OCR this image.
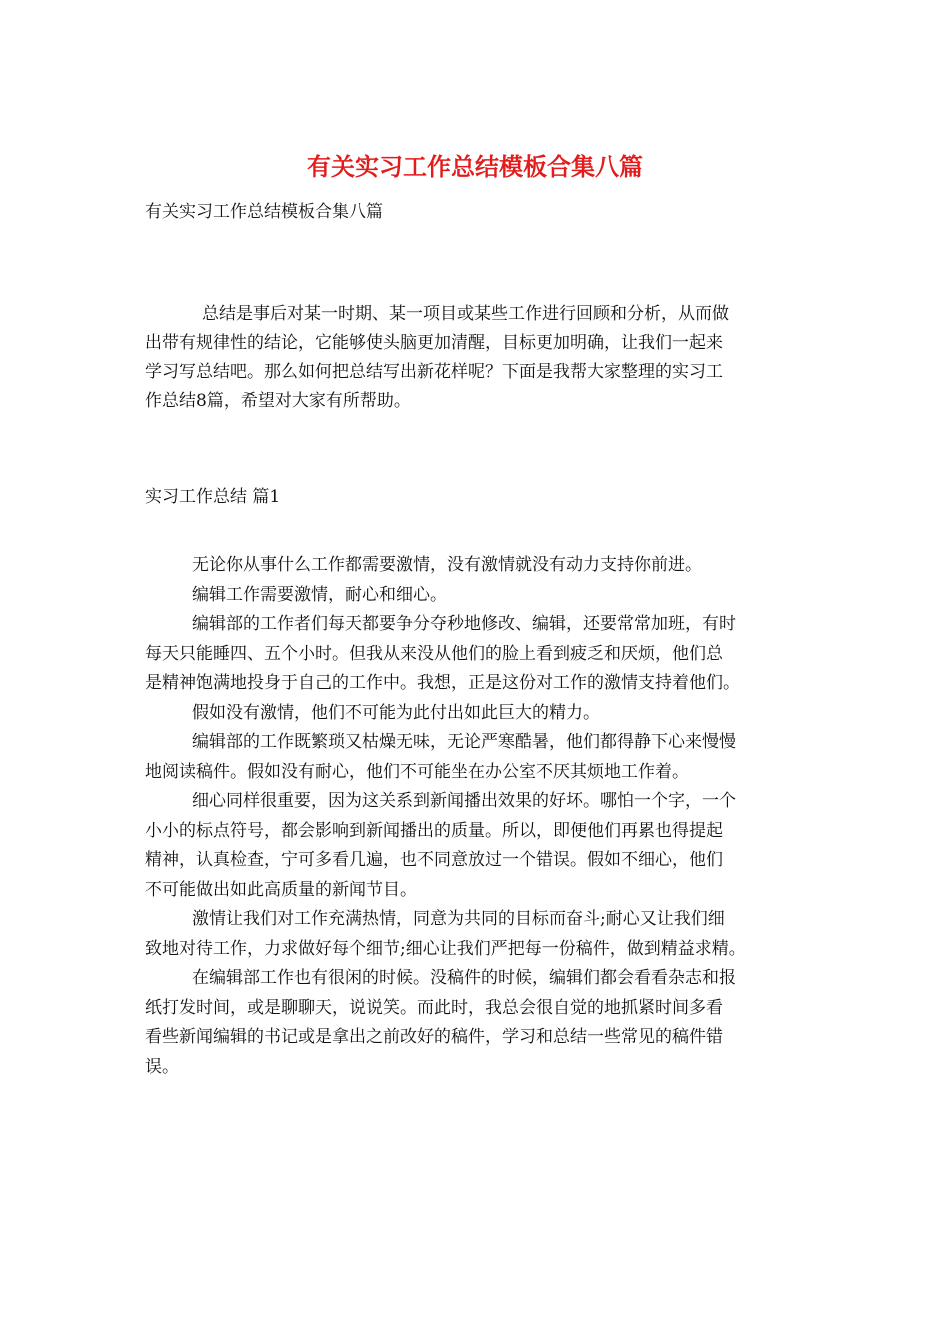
有关实习工作总结模板合集八篇
有关实习工作总结模板合集八篇
总结是事后对某一时期、某一项目或某些工作进行回顾和分析，从而做
出带有规律性的结论，它能够使头脑更加清醒，目标更加明确，让我们一起来
学习写总结吧。那么如何把总结写出新花样呢？下面是我帮大家整理的实习工
作总结8篇，希望对大家有所帮助。
实习工作总结 篇1
无论你从事什么工作都需要激情，没有激情就没有动力支持你前进。
编辑工作需要激情，耐心和细心。
编辑部的工作者们每天都要争分夺秒地修改、编辑，还要常常加班，有时
每天只能睡四、五个小时。但我从来没从他们的脸上看到疲乏和厌烦，他们总
是精神饱满地投身于自己的工作中。我想，正是这份对工作的激情支持着他们。
假如没有激情，他们不可能为此付出如此巨大的精力。
编辑部的工作既繁琐又枯燥无味，无论严寒酷暑，他们都得静下心来慢慢
地阅读稿件。假如没有耐心，他们不可能坐在办公室不厌其烦地工作着。
细心同样很重要，因为这关系到新闻播出效果的好坏。哪怕一个字，一个
小小的标点符号，都会影响到新闻播出的质量。所以，即便他们再累也得提起
精神，认真检查，宁可多看几遍，也不同意放过一个错误。假如不细心，他们
不可能做出如此高质量的新闻节目。
激情让我们对工作充满热情，同意为共同的目标而奋斗;耐心又让我们细
致地对待工作，力求做好每个细节;细心让我们严把每一份稿件，做到精益求精。
在编辑部工作也有很闲的时候。没稿件的时候，编辑们都会看看杂志和报
纸打发时间，或是聊聊天，说说笑。而此时，我总会很自觉的地抓紧时间多看
看些新闻编辑的书记或是拿出之前改好的稿件，学习和总结一些常见的稿件错
误。
